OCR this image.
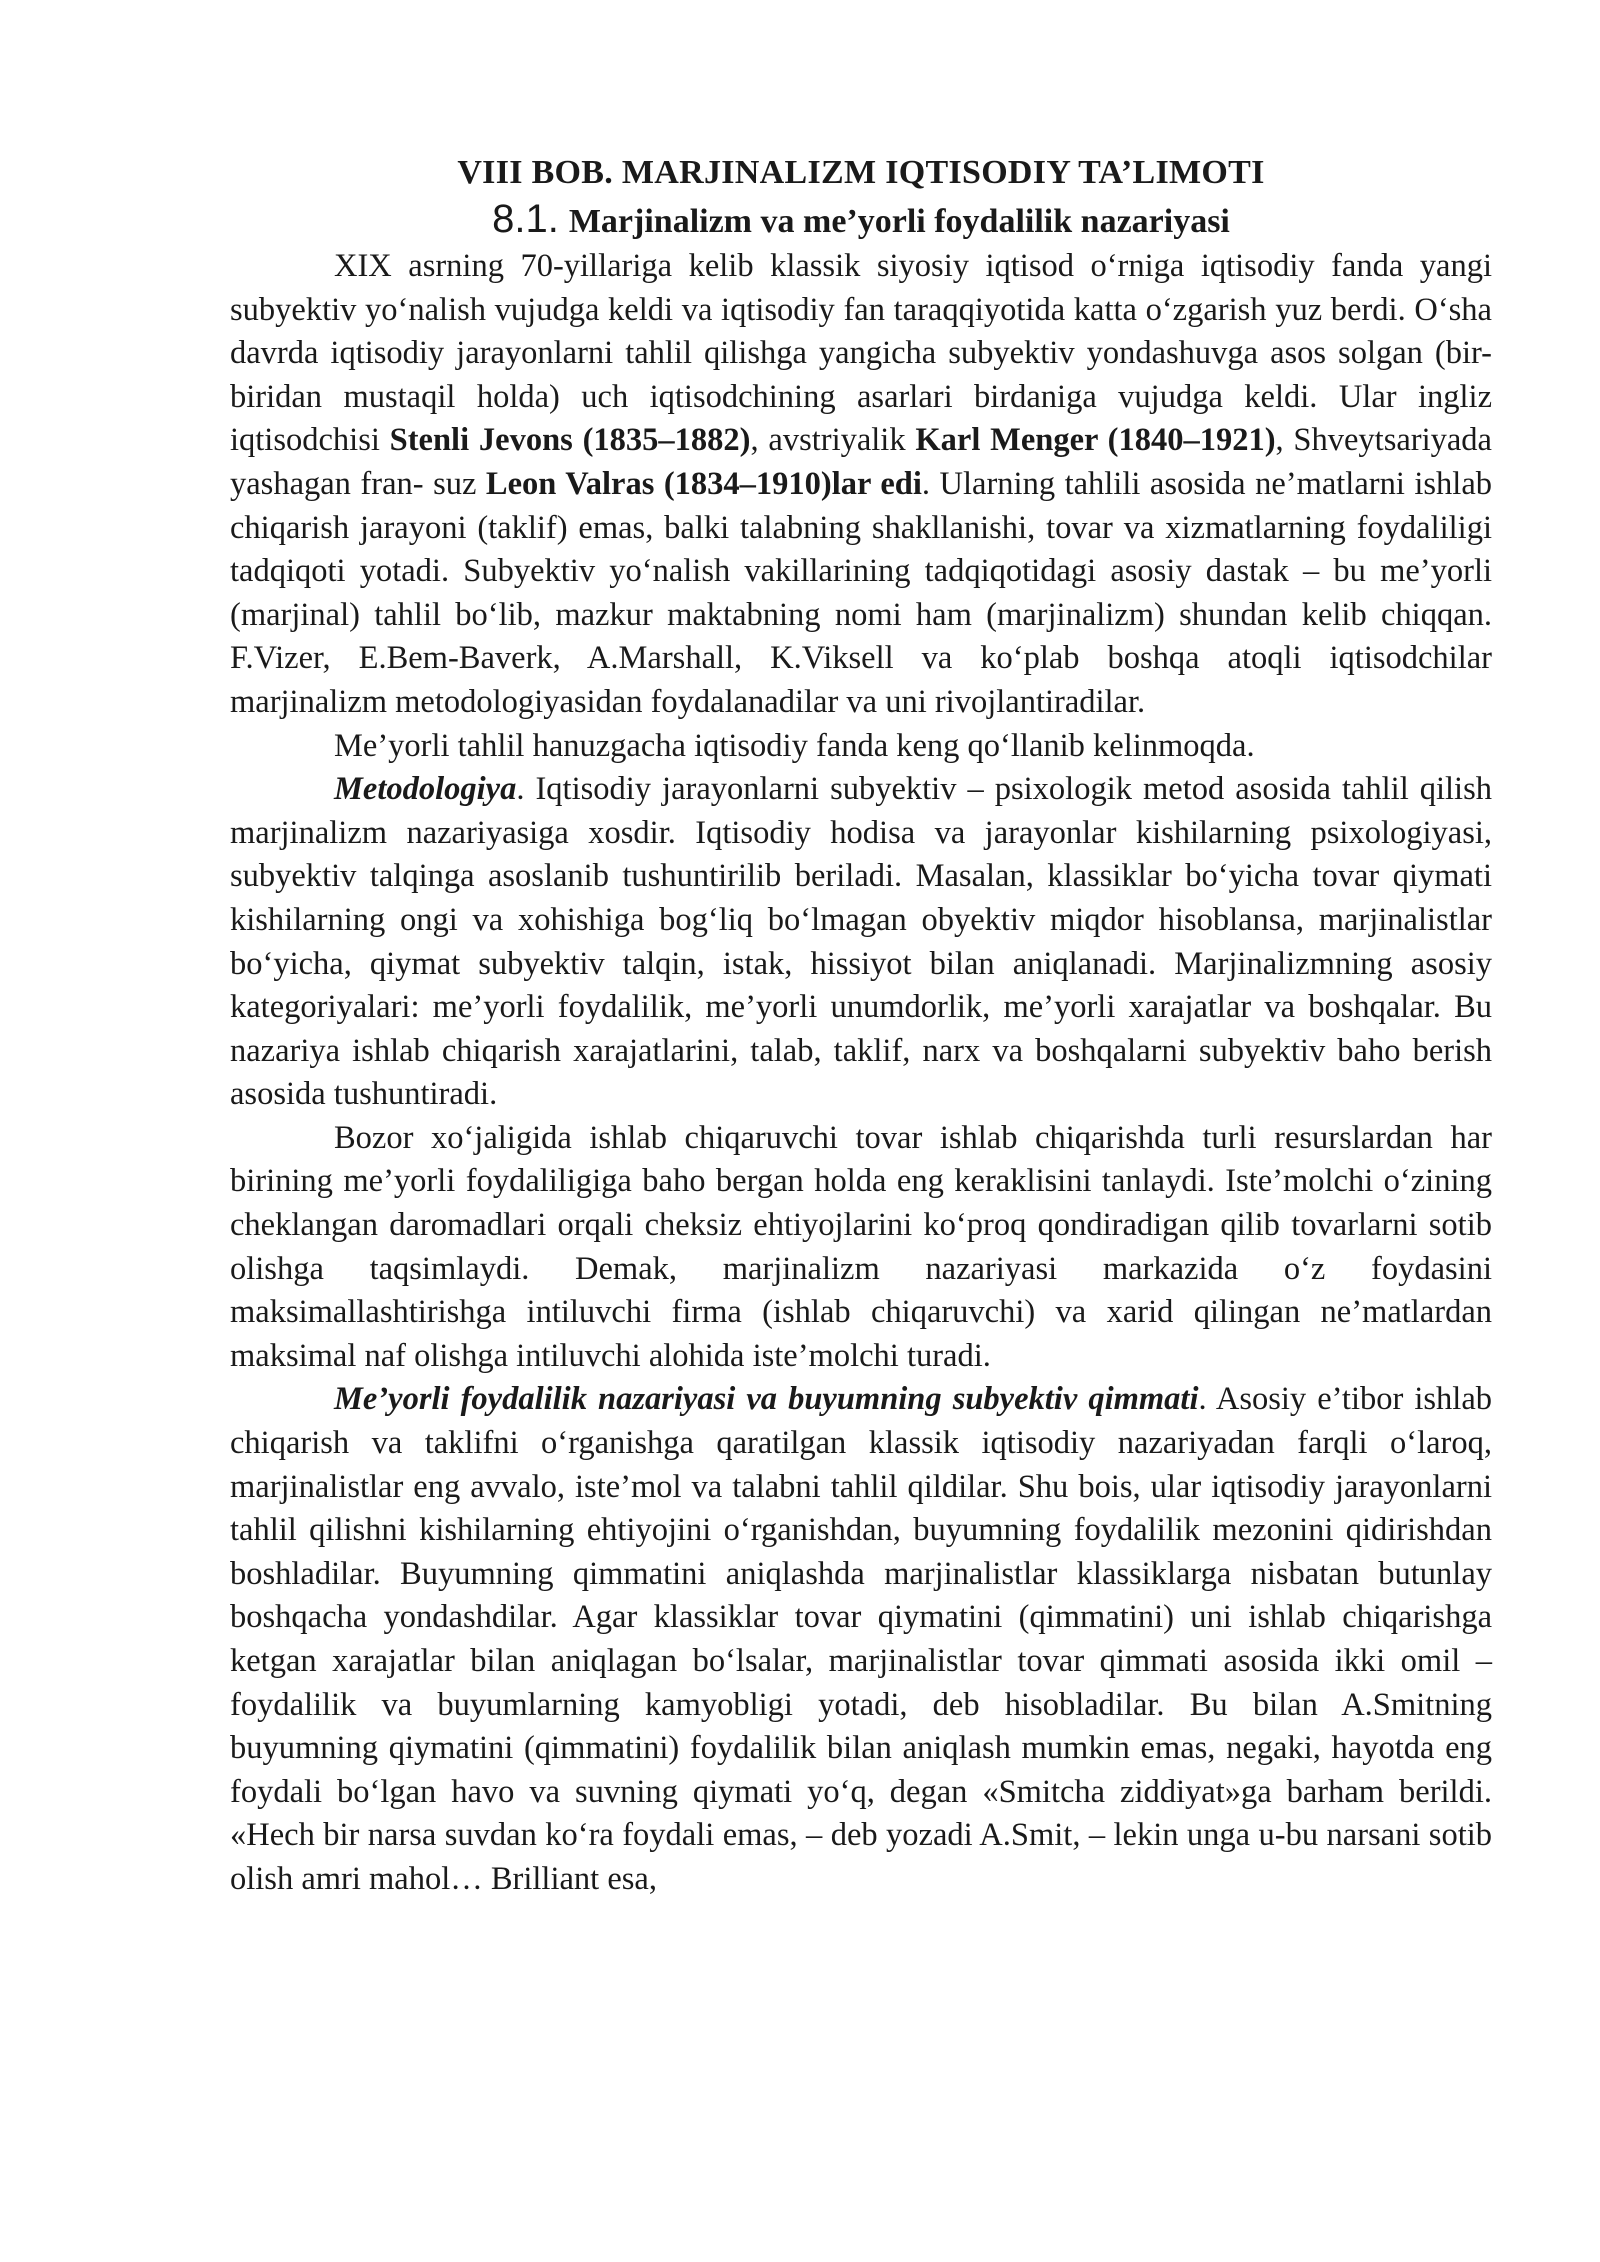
VIII BOB. MARJINALIZM IQTISODIY TA’LIMOTI
8.1. Marjinalizm va me’yorli foydalilik nazariyasi

XIX asrning 70-yillariga kelib klassik siyosiy iqtisod o‘rniga iqtisodiy fanda yangi subyektiv yo‘nalish vujudga keldi va iqtisodiy fan taraqqiyotida katta o‘zgarish yuz berdi. O‘sha davrda iqtisodiy jarayonlarni tahlil qilishga yangicha subyektiv yondashuvga asos solgan (bir-biridan mustaqil holda) uch iqtisodchining asarlari birdaniga vujudga keldi. Ular ingliz iqtisodchisi Stenli Jevons (1835–1882), avstriyalik Karl Menger (1840–1921), Shveytsariyada yashagan fran- suz Leon Valras (1834–1910)lar edi. Ularning tahlili asosida ne’matlarni ishlab chiqarish jarayoni (taklif) emas, balki talabning shakllanishi, tovar va xizmatlarning foydaliligi tadqiqoti yotadi. Subyektiv yo‘nalish vakillarining tadqiqotidagi asosiy dastak – bu me’yorli (marjinal) tahlil bo‘lib, mazkur maktabning nomi ham (marjinalizm) shundan kelib chiqqan. F.Vizer, E.Bem-Baverk, A.Marshall, K.Viksell va ko‘plab boshqa atoqli iqtisodchilar marjinalizm metodologiyasidan foydalanadilar va uni rivojlantiradilar.

Me’yorli tahlil hanuzgacha iqtisodiy fanda keng qo‘llanib kelinmoqda.

Metodologiya. Iqtisodiy jarayonlarni subyektiv – psixologik metod asosida tahlil qilish marjinalizm nazariyasiga xosdir. Iqtisodiy hodisa va jarayonlar kishilarning psixologiyasi, subyektiv talqinga asoslanib tushuntirilib beriladi. Masalan, klassiklar bo‘yicha tovar qiymati kishilarning ongi va xohishiga bog‘liq bo‘lmagan obyektiv miqdor hisoblansa, marjinalistlar bo‘yicha, qiymat subyektiv talqin, istak, hissiyot bilan aniqlanadi. Marjinalizmning asosiy kategoriyalari: me’yorli foydalilik, me’yorli unumdorlik, me’yorli xarajatlar va boshqalar. Bu nazariya ishlab chiqarish xarajatlarini, talab, taklif, narx va boshqalarni subyektiv baho berish asosida tushuntiradi.

Bozor xo‘jaligida ishlab chiqaruvchi tovar ishlab chiqarishda turli resurslardan har birining me’yorli foydaliligiga baho bergan holda eng keraklisini tanlaydi. Iste’molchi o‘zining cheklangan daromadlari orqali cheksiz ehtiyojlarini ko‘proq qondiradigan qilib tovarlarni sotib olishga taqsimlaydi. Demak, marjinalizm nazariyasi markazida o‘z foydasini maksimallashtirishga intiluvchi firma (ishlab chiqaruvchi) va xarid qilingan ne’matlardan maksimal naf olishga intiluvchi alohida iste’molchi turadi.

Me’yorli foydalilik nazariyasi va buyumning subyektiv qimmati. Asosiy e’tibor ishlab chiqarish va taklifni o‘rganishga qaratilgan klassik iqtisodiy nazariyadan farqli o‘laroq, marjinalistlar eng avvalo, iste’mol va talabni tahlil qildilar. Shu bois, ular iqtisodiy jarayonlarni tahlil qilishni kishilarning ehtiyojini o‘rganishdan, buyumning foydalilik mezonini qidirishdan boshladilar. Buyumning qimmatini aniqlashda marjinalistlar klassiklarga nisbatan butunlay boshqacha yondashdilar. Agar klassiklar tovar qiymatini (qimmatini) uni ishlab chiqarishga ketgan xarajatlar bilan aniqlagan bo‘lsalar, marjinalistlar tovar qimmati asosida ikki omil – foydalilik va buyumlarning kamyobligi yotadi, deb hisobladilar. Bu bilan A.Smitning buyumning qiymatini (qimmatini) foydalilik bilan aniqlash mumkin emas, negaki, hayotda eng foydali bo‘lgan havo va suvning qiymati yo‘q, degan «Smitcha ziddiyat»ga barham berildi. «Hech bir narsa suvdan ko‘ra foydali emas, – deb yozadi A.Smit, – lekin unga u-bu narsani sotib olish amri mahol… Brilliant esa,
